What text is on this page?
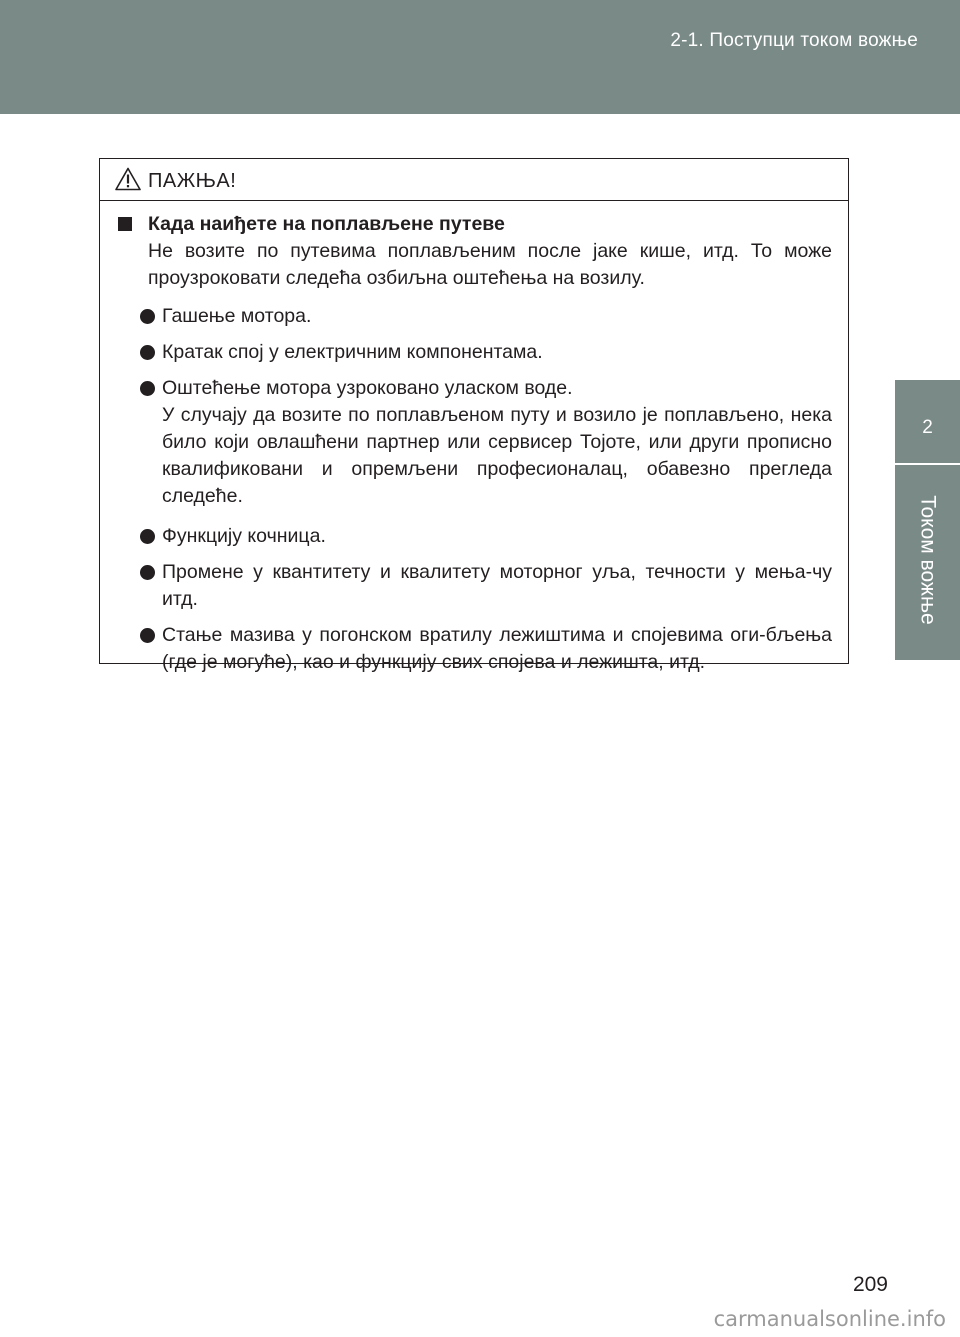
2-1. Поступци током вожње
2
Током вожње
ПАЖЊА!
Када наиђете на поплављене путеве
Не возите по путевима поплављеним после јаке кише, итд. То може проузроковати следећа озбиљна оштећења на возилу.

Гашење мотора.

Кратак спој у електричним компонентама.

Оштећење мотора узроковано уласком воде.

У случају да возите по поплављеном путу и возило је поплављено, нека било који овлашћени партнер или сервисер Тојоте, или други прописно квалификовани и опремљени професионалац, обавезно прегледа следеће.

Функцију кочница.

Промене у квантитету и квалитету моторног уља, течности у мења-чу итд.

Стање мазива у погонском вратилу лежиштима и спојевима оги-бљења (где је могуће), као и функцију свих спојева и лежишта, итд.

209
carmanualsonline.info
